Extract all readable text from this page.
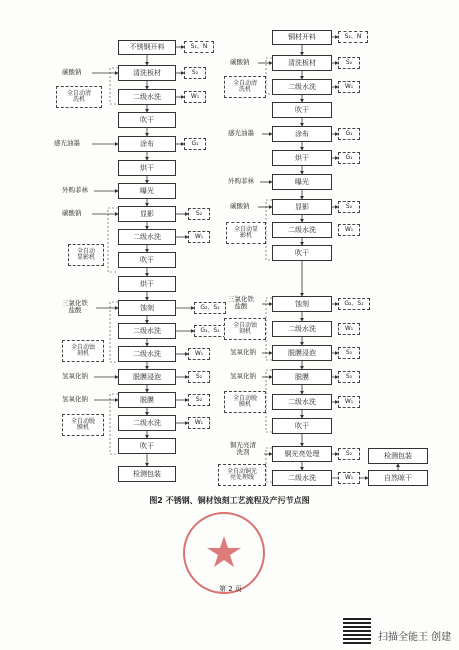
不锈钢开料	S₁、N
碳酸钠	清洗板材	S₂
全自动清
洗机	二级水洗	W₁
吹干
感光油墨	涂布	G₁
烘干
外购菲林	曝光
碳酸钠	显影	S₂
二级水洗	W₁
全自动
显影机	吹干
烘干
三氯化铁
盐酸	蚀刻	G₂、S₂
二级水洗	G₃、S₂
全自动蚀
刻机	二级水洗	W₁
脱膜浸泡
氢氧化钠	S₂
脱膜
氢氧化钠	S₂
全自动脱
膜机
二级水洗	W₁
吹干
检测包装
铜材开料	S₁、N
碳酸钠	清洗板材	S₂
全自动清
洗机	二级水洗	W₁
吹干
感光油墨	涂布	G₁
烘干	G₁
外购菲林	曝光
碳酸钠	显影	S₂
全自动显
影机
二级水洗	W₁
吹干
三氯化铁
盐酸	蚀刻	G₂、S₂
全自动蚀
刻机	二级水洗	W₁
氢氧化钠	脱膜浸泡	S₂
氢氧化钠	脱膜	S₂
全自动脱
膜机	二级水洗	W₁
吹干
铜光亮清
洗剂	铜光亮处理	S₂
全自动铜光
亮处理线	二级水洗	W₁
检测包装
自然晾干
图2 不锈钢、铜材蚀刻工艺流程及产污节点图
第 2 页
扫描全能王 创建
